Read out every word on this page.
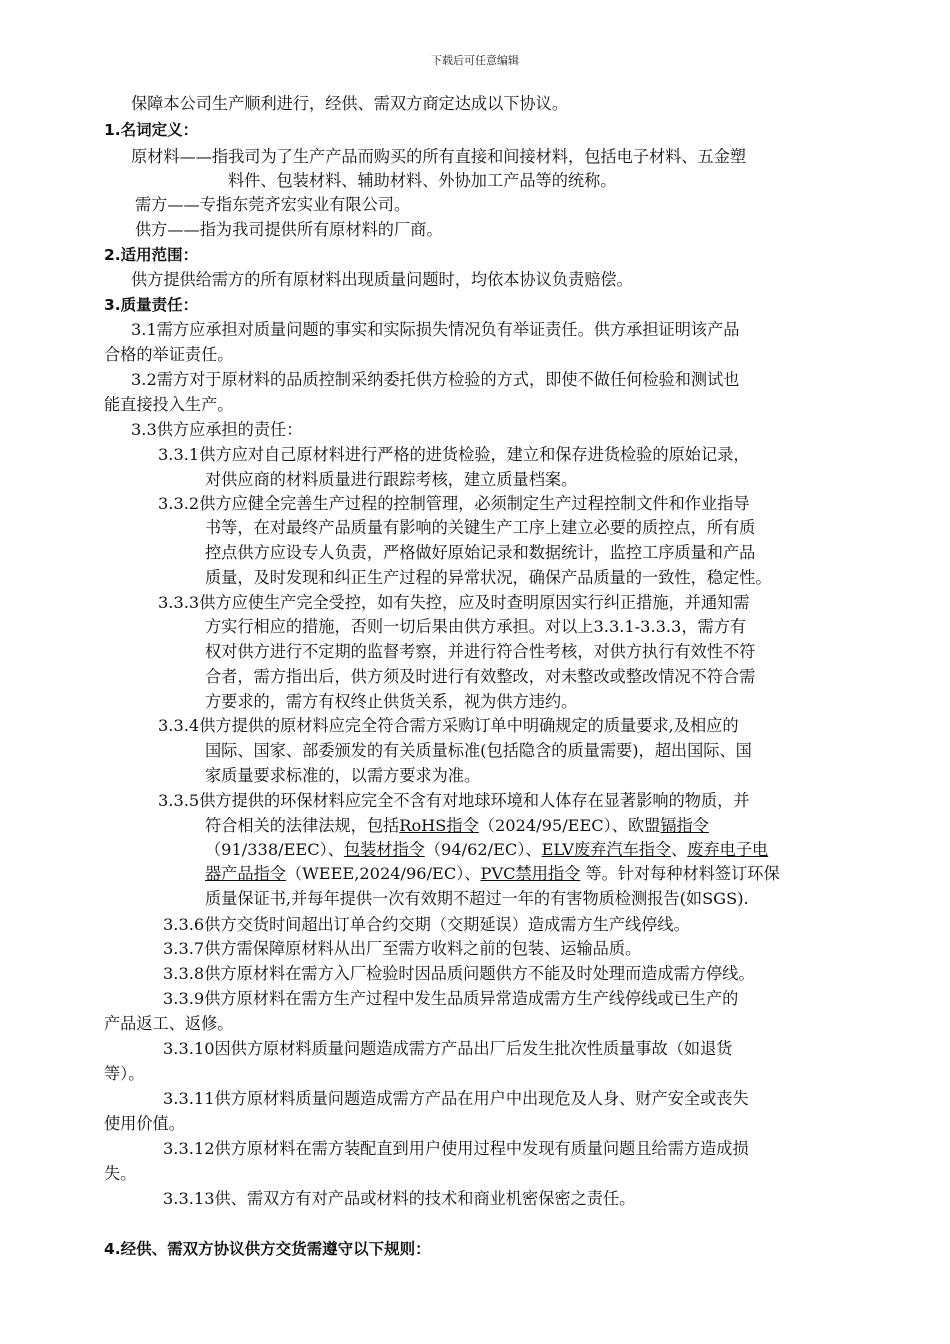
下载后可任意编辑
保障本公司生产顺利进行，经供、需双方商定达成以下协议。
1.名词定义：
原材料——指我司为了生产产品而购买的所有直接和间接材料，包括电子材料、五金塑
料件、包装材料、辅助材料、外协加工产品等的统称。
需方——专指东莞齐宏实业有限公司。
供方——指为我司提供所有原材料的厂商。
2.适用范围：
供方提供给需方的所有原材料出现质量问题时，均依本协议负责赔偿。
3.质量责任：
3.1需方应承担对质量问题的事实和实际损失情况负有举证责任。供方承担证明该产品
合格的举证责任。
3.2需方对于原材料的品质控制采纳委托供方检验的方式，即使不做任何检验和测试也
能直接投入生产。
3.3供方应承担的责任：
3.3.1供方应对自己原材料进行严格的进货检验，建立和保存进货检验的原始记录，
对供应商的材料质量进行跟踪考核，建立质量档案。
3.3.2供方应健全完善生产过程的控制管理，必须制定生产过程控制文件和作业指导
书等，在对最终产品质量有影响的关键生产工序上建立必要的质控点，所有质
控点供方应设专人负责，严格做好原始记录和数据统计，监控工序质量和产品
质量，及时发现和纠正生产过程的异常状况，确保产品质量的一致性，稳定性。
3.3.3供方应使生产完全受控，如有失控，应及时查明原因实行纠正措施，并通知需
方实行相应的措施，否则一切后果由供方承担。对以上3.3.1-3.3.3，需方有
权对供方进行不定期的监督考察，并进行符合性考核，对供方执行有效性不符
合者，需方指出后，供方须及时进行有效整改，对未整改或整改情况不符合需
方要求的，需方有权终止供货关系，视为供方违约。
3.3.4供方提供的原材料应完全符合需方采购订单中明确规定的质量要求,及相应的
国际、国家、部委颁发的有关质量标准(包括隐含的质量需要)，超出国际、国
家质量要求标准的，以需方要求为准。
3.3.5供方提供的环保材料应完全不含有对地球环境和人体存在显著影响的物质，并
符合相关的法律法规，包括RoHS指令（2024/95/EEC）、欧盟镉指令
（91/338/EEC）、包装材指令（94/62/EC）、ELV废弃汽车指令、废弃电子电
器产品指令（WEEE,2024/96/EC）、PVC禁用指令 等。针对每种材料签订环保
质量保证书,并每年提供一次有效期不超过一年的有害物质检测报告(如SGS).
3.3.6供方交货时间超出订单合约交期（交期延误）造成需方生产线停线。
3.3.7供方需保障原材料从出厂至需方收料之前的包装、运输品质。
3.3.8供方原材料在需方入厂检验时因品质问题供方不能及时处理而造成需方停线。
3.3.9供方原材料在需方生产过程中发生品质异常造成需方生产线停线或已生产的
产品返工、返修。
3.3.10因供方原材料质量问题造成需方产品出厂后发生批次性质量事故（如退货
等）。
3.3.11供方原材料质量问题造成需方产品在用户中出现危及人身、财产安全或丧失
使用价值。
3.3.12供方原材料在需方装配直到用户使用过程中发现有质量问题且给需方造成损
失。
3.3.13供、需双方有对产品或材料的技术和商业机密保密之责任。
4.经供、需双方协议供方交货需遵守以下规则：
